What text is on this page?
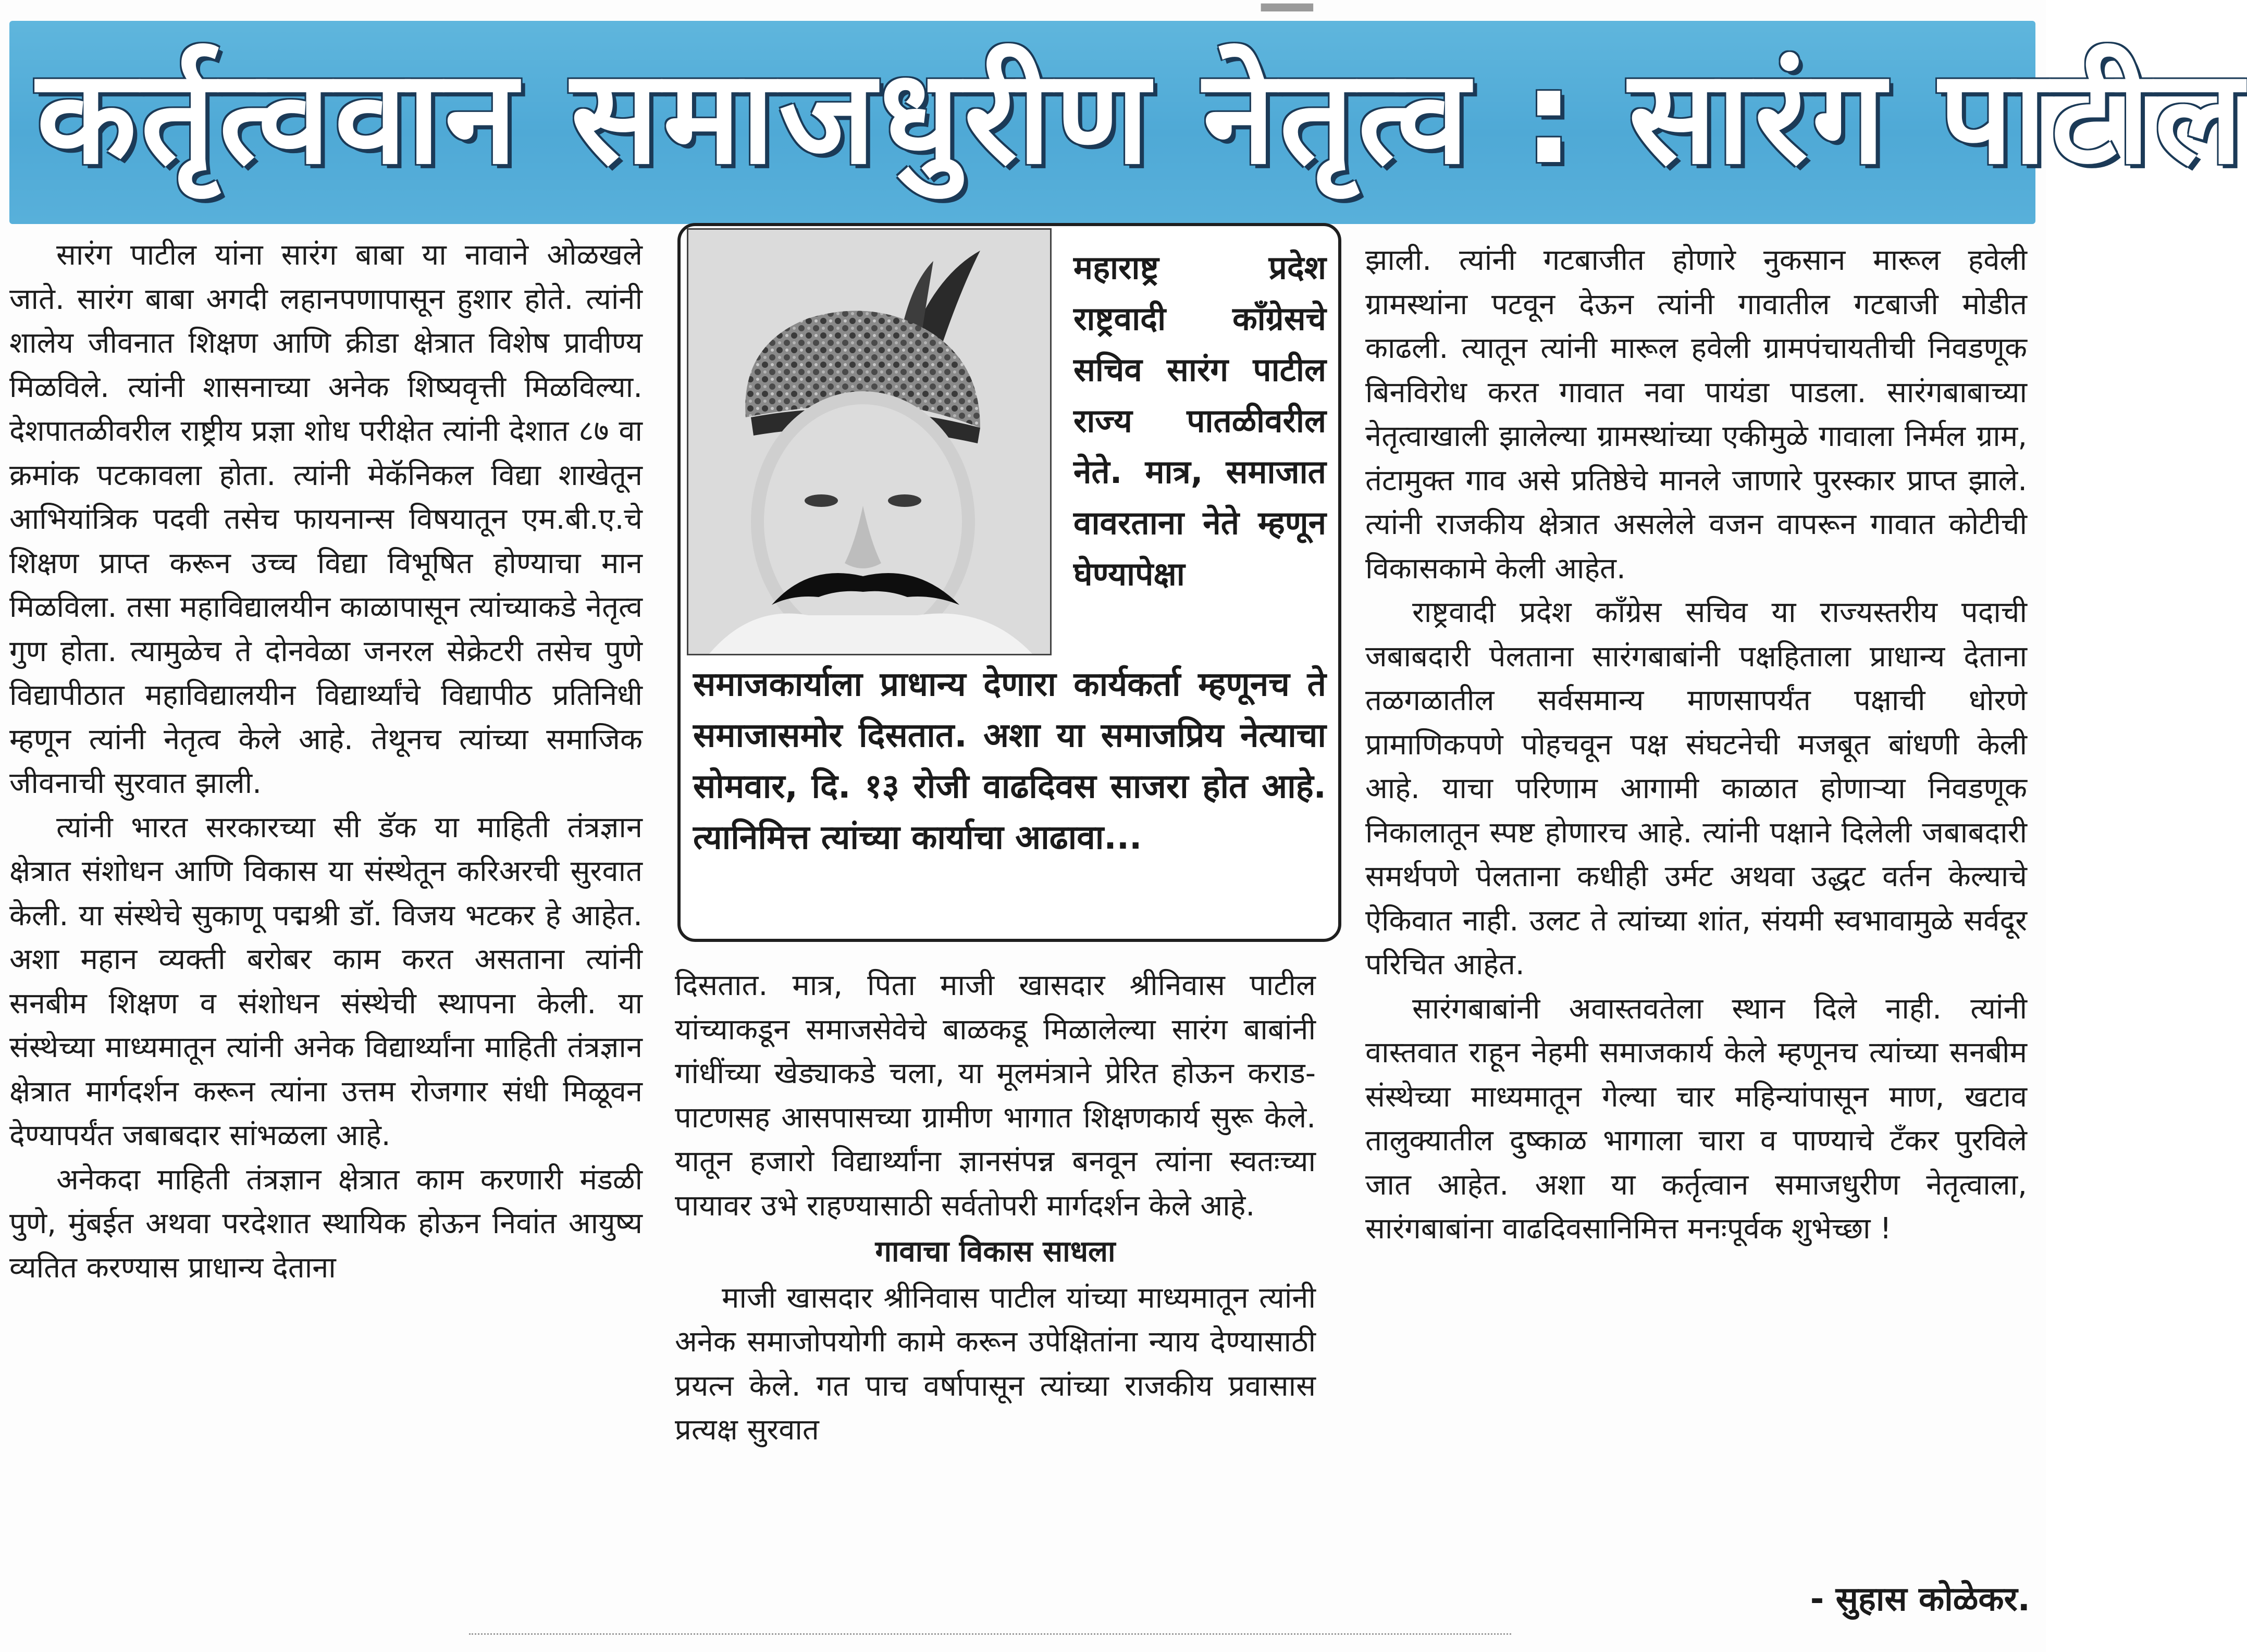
▀▀▀▀▀
कर्तृत्ववान समाजधुरीण नेतृत्व : सारंग पाटील

सारंग पाटील यांना सारंग बाबा या नावाने ओळखले जाते. सारंग बाबा अगदी लहानपणापासून हुशार होते. त्यांनी शालेय जीवनात शिक्षण आणि क्रीडा क्षेत्रात विशेष प्रावीण्य मिळविले. त्यांनी शासनाच्या अनेक शिष्यवृत्ती मिळविल्या. देशपातळीवरील राष्ट्रीय प्रज्ञा शोध परीक्षेत त्यांनी देशात ८७ वा क्रमांक पटकावला होता. त्यांनी मेकॅनिकल विद्या शाखेतून आभियांत्रिक पदवी तसेच फायनान्स विषयातून एम.बी.ए.चे शिक्षण प्राप्त करून उच्च विद्या विभूषित होण्याचा मान मिळविला. तसा महाविद्यालयीन काळापासून त्यांच्याकडे नेतृत्व गुण होता. त्यामुळेच ते दोनवेळा जनरल सेक्रेटरी तसेच पुणे विद्यापीठात महाविद्यालयीन विद्यार्थ्यांचे विद्यापीठ प्रतिनिधी म्हणून त्यांनी नेतृत्व केले आहे. तेथूनच त्यांच्या समाजिक जीवनाची सुरवात झाली.

त्यांनी भारत सरकारच्या सी डॅक या माहिती तंत्रज्ञान क्षेत्रात संशोधन आणि विकास या संस्थेतून करिअरची सुरवात केली. या संस्थेचे सुकाणू पद्मश्री डॉ. विजय भटकर हे आहेत. अशा महान व्यक्ती बरोबर काम करत असताना त्यांनी सनबीम शिक्षण व संशोधन संस्थेची स्थापना केली. या संस्थेच्या माध्यमातून त्यांनी अनेक विद्यार्थ्यांना माहिती तंत्रज्ञान क्षेत्रात मार्गदर्शन करून त्यांना उत्तम रोजगार संधी मिळूवन देण्यापर्यंत जबाबदार सांभळला आहे.

अनेकदा माहिती तंत्रज्ञान क्षेत्रात काम करणारी मंडळी पुणे, मुंबईत अथवा परदेशात स्थायिक होऊन निवांत आयुष्य व्यतित करण्यास प्राधान्य देताना

महाराष्ट्र प्रदेश राष्ट्रवादी कॉंग्रेसचे सचिव सारंग पाटील राज्य पातळीवरील नेते. मात्र, समाजात वावरताना नेते म्हणून घेण्यापेक्षा
समाजकार्याला प्राधान्य देणारा कार्यकर्ता म्हणूनच ते समाजासमोर दिसतात. अशा या समाजप्रिय नेत्याचा सोमवार, दि. १३ रोजी वाढदिवस साजरा होत आहे. त्यानिमित्त त्यांच्या कार्याचा आढावा...

दिसतात. मात्र, पिता माजी खासदार श्रीनिवास पाटील यांच्याकडून समाजसेवेचे बाळकडू मिळालेल्या सारंग बाबांनी गांधींच्या खेड्याकडे चला, या मूलमंत्राने प्रेरित होऊन कराड-पाटणसह आसपासच्या ग्रामीण भागात शिक्षणकार्य सुरू केले. यातून हजारो विद्यार्थ्यांना ज्ञानसंपन्न बनवून त्यांना स्वतःच्या पायावर उभे राहण्यासाठी सर्वतोपरी मार्गदर्शन केले आहे.

गावाचा विकास साधला

माजी खासदार श्रीनिवास पाटील यांच्या माध्यमातून त्यांनी अनेक समाजोपयोगी कामे करून उपेक्षितांना न्याय देण्यासाठी प्रयत्न केले. गत पाच वर्षापासून त्यांच्या राजकीय प्रवासास प्रत्यक्ष सुरवात

झाली. त्यांनी गटबाजीत होणारे नुकसान मारूल हवेली ग्रामस्थांना पटवून देऊन त्यांनी गावातील गटबाजी मोडीत काढली. त्यातून त्यांनी मारूल हवेली ग्रामपंचायतीची निवडणूक बिनविरोध करत गावात नवा पायंडा पाडला. सारंगबाबाच्या नेतृत्वाखाली झालेल्या ग्रामस्थांच्या एकीमुळे गावाला निर्मल ग्राम, तंटामुक्त गाव असे प्रतिष्ठेचे मानले जाणारे पुरस्कार प्राप्त झाले. त्यांनी राजकीय क्षेत्रात असलेले वजन वापरून गावात कोटीची विकासकामे केली आहेत.

राष्ट्रवादी प्रदेश कॉंग्रेस सचिव या राज्यस्तरीय पदाची जबाबदारी पेलताना सारंगबाबांनी पक्षहिताला प्राधान्य देताना तळगळातील सर्वसमान्य माणसापर्यंत पक्षाची धोरणे प्रामाणिकपणे पोहचवून पक्ष संघटनेची मजबूत बांधणी केली आहे. याचा परिणाम आगामी काळात होणाऱ्या निवडणूक निकालातून स्पष्ट होणारच आहे. त्यांनी पक्षाने दिलेली जबाबदारी समर्थपणे पेलताना कधीही उर्मट अथवा उद्धट वर्तन केल्याचे ऐकिवात नाही. उलट ते त्यांच्या शांत, संयमी स्वभावामुळे सर्वदूर परिचित आहेत.

सारंगबाबांनी अवास्तवतेला स्थान दिले नाही. त्यांनी वास्तवात राहून नेहमी समाजकार्य केले म्हणूनच त्यांच्या सनबीम संस्थेच्या माध्यमातून गेल्या चार महिन्यांपासून माण, खटाव तालुक्यातील दुष्काळ भागाला चारा व पाण्याचे टँकर पुरविले जात आहेत. अशा या कर्तृत्वान समाजधुरीण नेतृत्वाला, सारंगबाबांना वाढदिवसानिमित्त मनःपूर्वक शुभेच्छा !

- सुहास कोळेकर.
